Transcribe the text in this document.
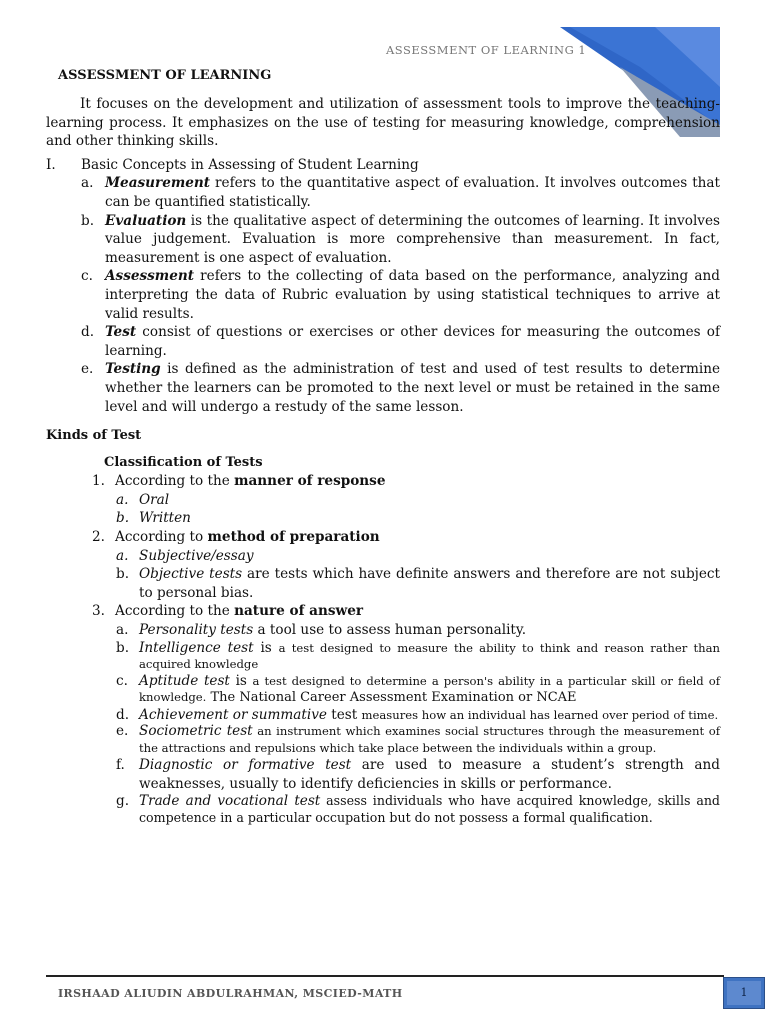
ASSESSMENT OF LEARNING 1
ASSESSMENT OF LEARNING

It focuses on the development and utilization of assessment tools to improve the teaching-learning process. It emphasizes on the use of testing for measuring knowledge, comprehension and other thinking skills.

I. Basic Concepts in Assessing of Student Learning
a. Measurement refers to the quantitative aspect of evaluation. It involves outcomes that can be quantified statistically.
b. Evaluation is the qualitative aspect of determining the outcomes of learning. It involves value judgement. Evaluation is more comprehensive than measurement. In fact, measurement is one aspect of evaluation.
c. Assessment refers to the collecting of data based on the performance, analyzing and interpreting the data of Rubric evaluation by using statistical techniques to arrive at valid results.
d. Test consist of questions or exercises or other devices for measuring the outcomes of learning.
e. Testing is defined as the administration of test and used of test results to determine whether the learners can be promoted to the next level or must be retained in the same level and will undergo a restudy of the same lesson.
Kinds of Test
Classification of Tests
1. According to the manner of response
a. Oral
b. Written
2. According to method of preparation
a. Subjective/essay
b. Objective tests are tests which have definite answers and therefore are not subject to personal bias.
3. According to the nature of answer
a. Personality tests a tool use to assess human personality.
b. Intelligence test is a test designed to measure the ability to think and reason rather than acquired knowledge
c. Aptitude test is a test designed to determine a person's ability in a particular skill or field of knowledge. The National Career Assessment Examination or NCAE
d. Achievement or summative test measures how an individual has learned over period of time.
e. Sociometric test an instrument which examines social structures through the measurement of the attractions and repulsions which take place between the individuals within a group.
f. Diagnostic or formative test are used to measure a student’s strength and weaknesses, usually to identify deficiencies in skills or performance.
g. Trade and vocational test assess individuals who have acquired knowledge, skills and competence in a particular occupation but do not possess a formal qualification.
IRSHAAD ALIUDIN ABDULRAHMAN, MSCIED-MATH	1
